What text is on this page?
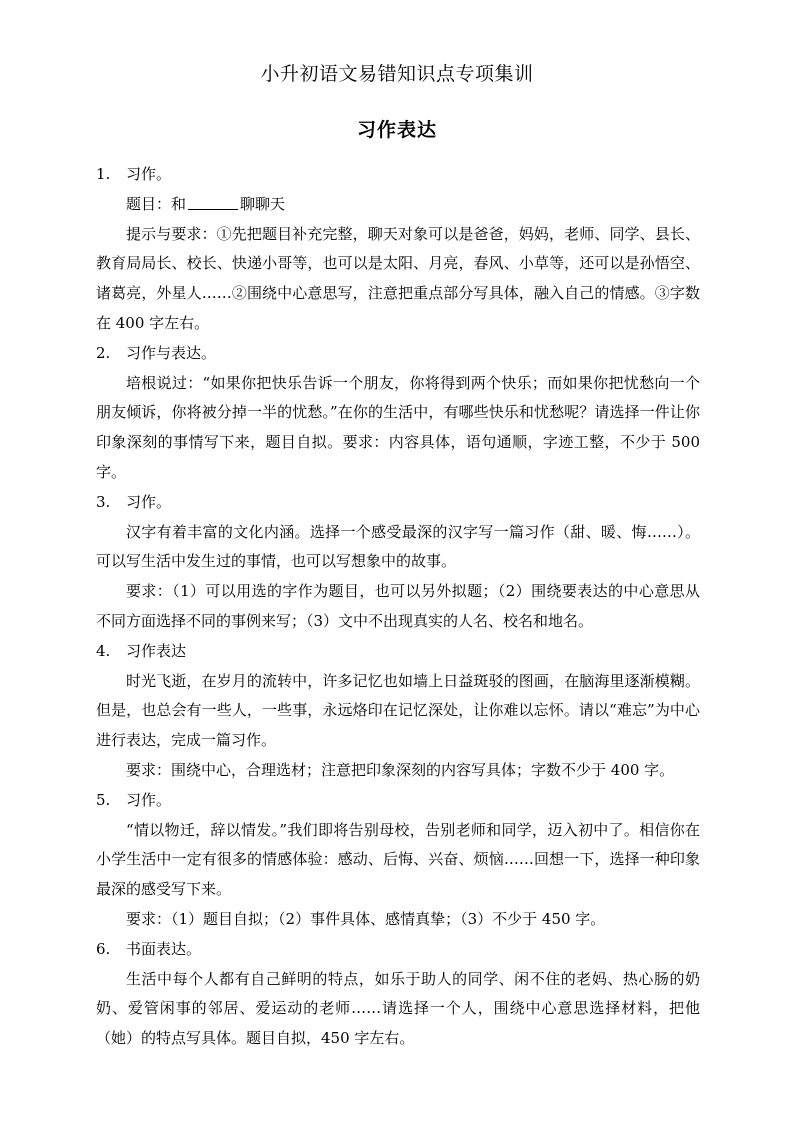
小升初语文易错知识点专项集训
习作表达

1. 习作。

题目：和	聊聊天

提示与要求：①先把题目补充完整，聊天对象可以是爸爸，妈妈，老师、同学、县长、教育局局长、校长、快递小哥等，也可以是太阳、月亮，春风、小草等，还可以是孙悟空、诸葛亮，外星人……②围绕中心意思写，注意把重点部分写具体，融入自己的情感。③字数在 400 字左右。

2. 习作与表达。

培根说过：“如果你把快乐告诉一个朋友，你将得到两个快乐；而如果你把忧愁向一个朋友倾诉，你将被分掉一半的忧愁。”在你的生活中，有哪些快乐和忧愁呢？请选择一件让你印象深刻的事情写下来，题目自拟。要求：内容具体，语句通顺，字迹工整，不少于 500 字。

3. 习作。

汉字有着丰富的文化内涵。选择一个感受最深的汉字写一篇习作（甜、暖、悔……）。可以写生活中发生过的事情，也可以写想象中的故事。

要求：（1）可以用选的字作为题目，也可以另外拟题；（2）围绕要表达的中心意思从不同方面选择不同的事例来写；（3）文中不出现真实的人名、校名和地名。

4. 习作表达

时光飞逝，在岁月的流转中，许多记忆也如墙上日益斑驳的图画，在脑海里逐渐模糊。但是，也总会有一些人，一些事，永远烙印在记忆深处，让你难以忘怀。请以“难忘”为中心进行表达，完成一篇习作。

要求：围绕中心，合理选材；注意把印象深刻的内容写具体；字数不少于 400 字。

5. 习作。

“情以物迁，辞以情发。”我们即将告别母校，告别老师和同学，迈入初中了。相信你在小学生活中一定有很多的情感体验：感动、后悔、兴奋、烦恼……回想一下，选择一种印象最深的感受写下来。

要求：（1）题目自拟；（2）事件具体、感情真挚；（3）不少于 450 字。

6. 书面表达。

生活中每个人都有自己鲜明的特点，如乐于助人的同学、闲不住的老妈、热心肠的奶奶、爱管闲事的邻居、爱运动的老师……请选择一个人，围绕中心意思选择材料，把他（她）的特点写具体。题目自拟，450 字左右。
